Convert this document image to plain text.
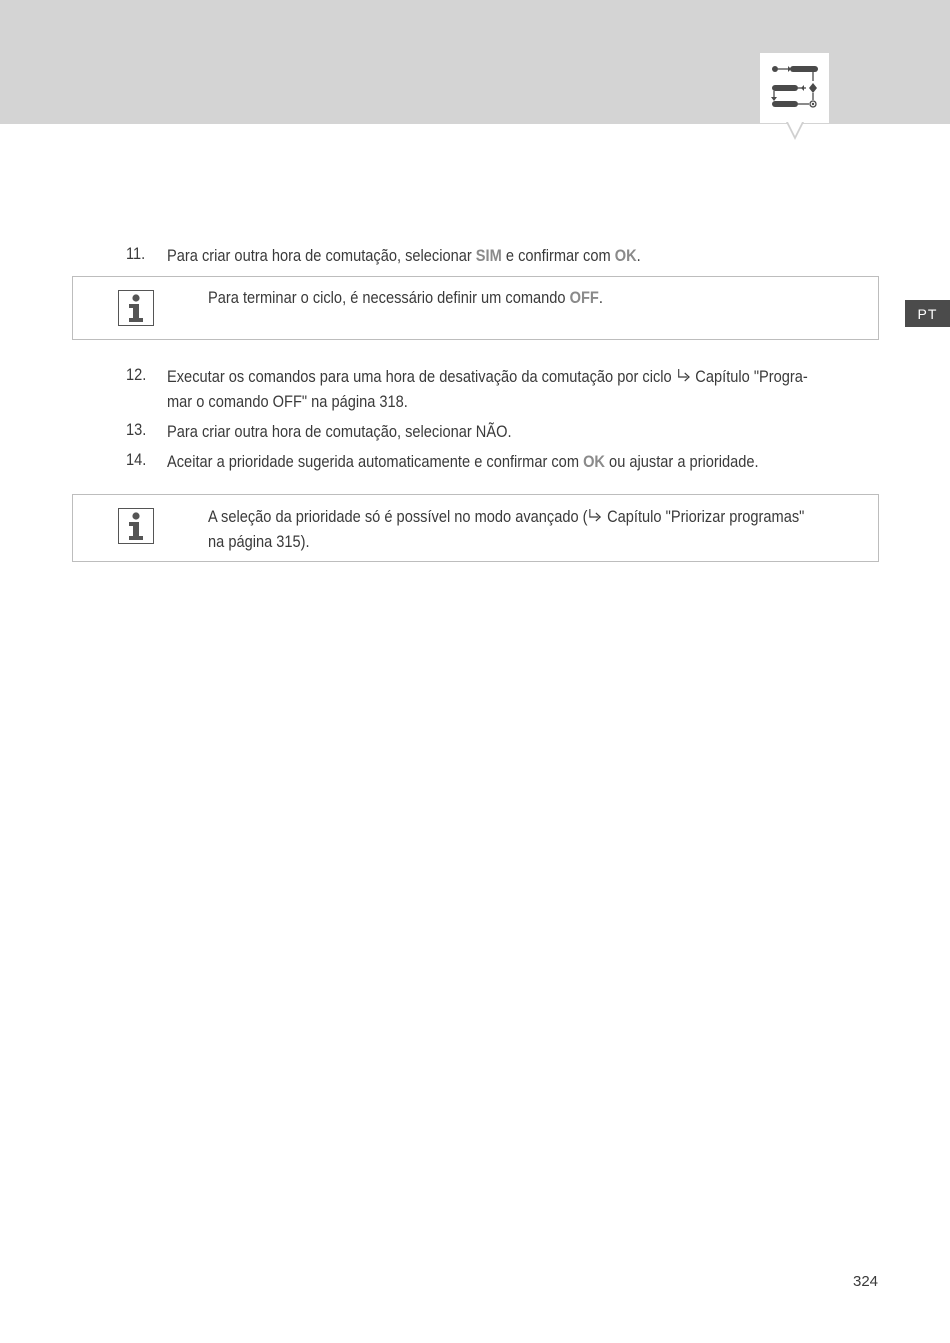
PT
11. Para criar outra hora de comutação, selecionar SIM e confirmar com OK.
Para terminar o ciclo, é necessário definir um comando OFF.
12. Executar os comandos para uma hora de desativação da comutação por ciclo Capítulo "Progra-
mar o comando OFF" na página 318.
13. Para criar outra hora de comutação, selecionar NÃO.
14. Aceitar a prioridade sugerida automaticamente e confirmar com OK ou ajustar a prioridade.
A seleção da prioridade só é possível no modo avançado ( Capítulo "Priorizar programas"
na página 315).
324
